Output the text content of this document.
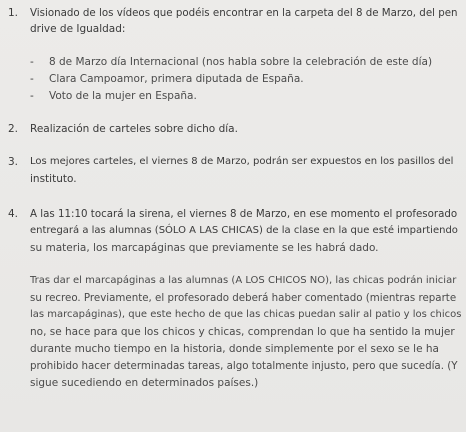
1. Visionado de los vídeos que podéis encontrar en la carpeta del 8 de Marzo, del pen
drive de Igualdad:
- 8 de Marzo día Internacional (nos habla sobre la celebración de este día)
- Clara Campoamor, primera diputada de España.
- Voto de la mujer en España.
2. Realización de carteles sobre dicho día.
3. Los mejores carteles, el viernes 8 de Marzo, podrán ser expuestos en los pasillos del
instituto.
4. A las 11:10 tocará la sirena, el viernes 8 de Marzo, en ese momento el profesorado
entregará a las alumnas (SÓLO A LAS CHICAS) de la clase en la que esté impartiendo
su materia, los marcapáginas que previamente se les habrá dado.
Tras dar el marcapáginas a las alumnas (A LOS CHICOS NO), las chicas podrán iniciar
su recreo. Previamente, el profesorado deberá haber comentado (mientras reparte
las marcapáginas), que este hecho de que las chicas puedan salir al patio y los chicos
no, se hace para que los chicos y chicas, comprendan lo que ha sentido la mujer
durante mucho tiempo en la historia, donde simplemente por el sexo se le ha
prohibido hacer determinadas tareas, algo totalmente injusto, pero que sucedía. (Y
sigue sucediendo en determinados países.)
